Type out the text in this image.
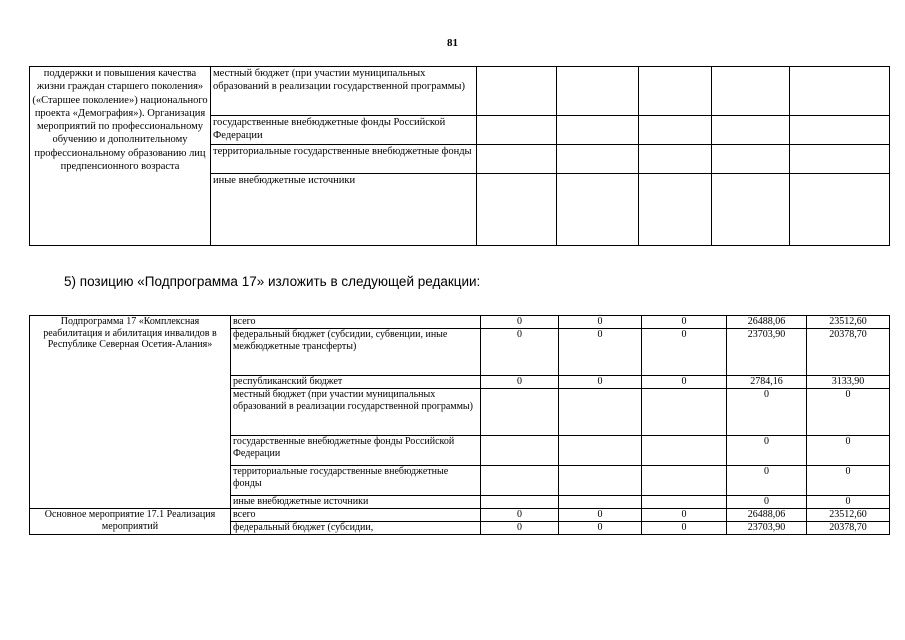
81
поддержки и повышения качества жизни граждан старшего поколения» («Старшее поколение») национального проекта «Демография»). Организация мероприятий по профессиональному обучению и дополнительному профессиональному образованию лиц предпенсионного возраста	местный бюджет (при участии муниципальных образований в реализации государственной программы)					
	государственные внебюджетные фонды Российской Федерации					
	территориальные государственные внебюджетные фонды					
	иные внебюджетные источники					
5) позицию «Подпрограмма 17» изложить в следующей редакции:
Подпрограмма 17 «Комплексная реабилитация и абилитация инвалидов в Республике Северная Осетия-Алания»	всего	0	0	0	26488,06	23512,60
	федеральный бюджет (субсидии, субвенции, иные межбюджетные трансферты)	0	0	0	23703,90	20378,70
	республиканский бюджет	0	0	0	2784,16	3133,90
	местный бюджет (при участии муниципальных образований в реализации государственной программы)				0	0
	государственные внебюджетные фонды Российской Федерации				0	0
	территориальные государственные внебюджетные фонды				0	0
	иные внебюджетные источники				0	0
Основное мероприятие 17.1 Реализация мероприятий	всего	0	0	0	26488,06	23512,60
	федеральный бюджет (субсидии,	0	0	0	23703,90	20378,70
